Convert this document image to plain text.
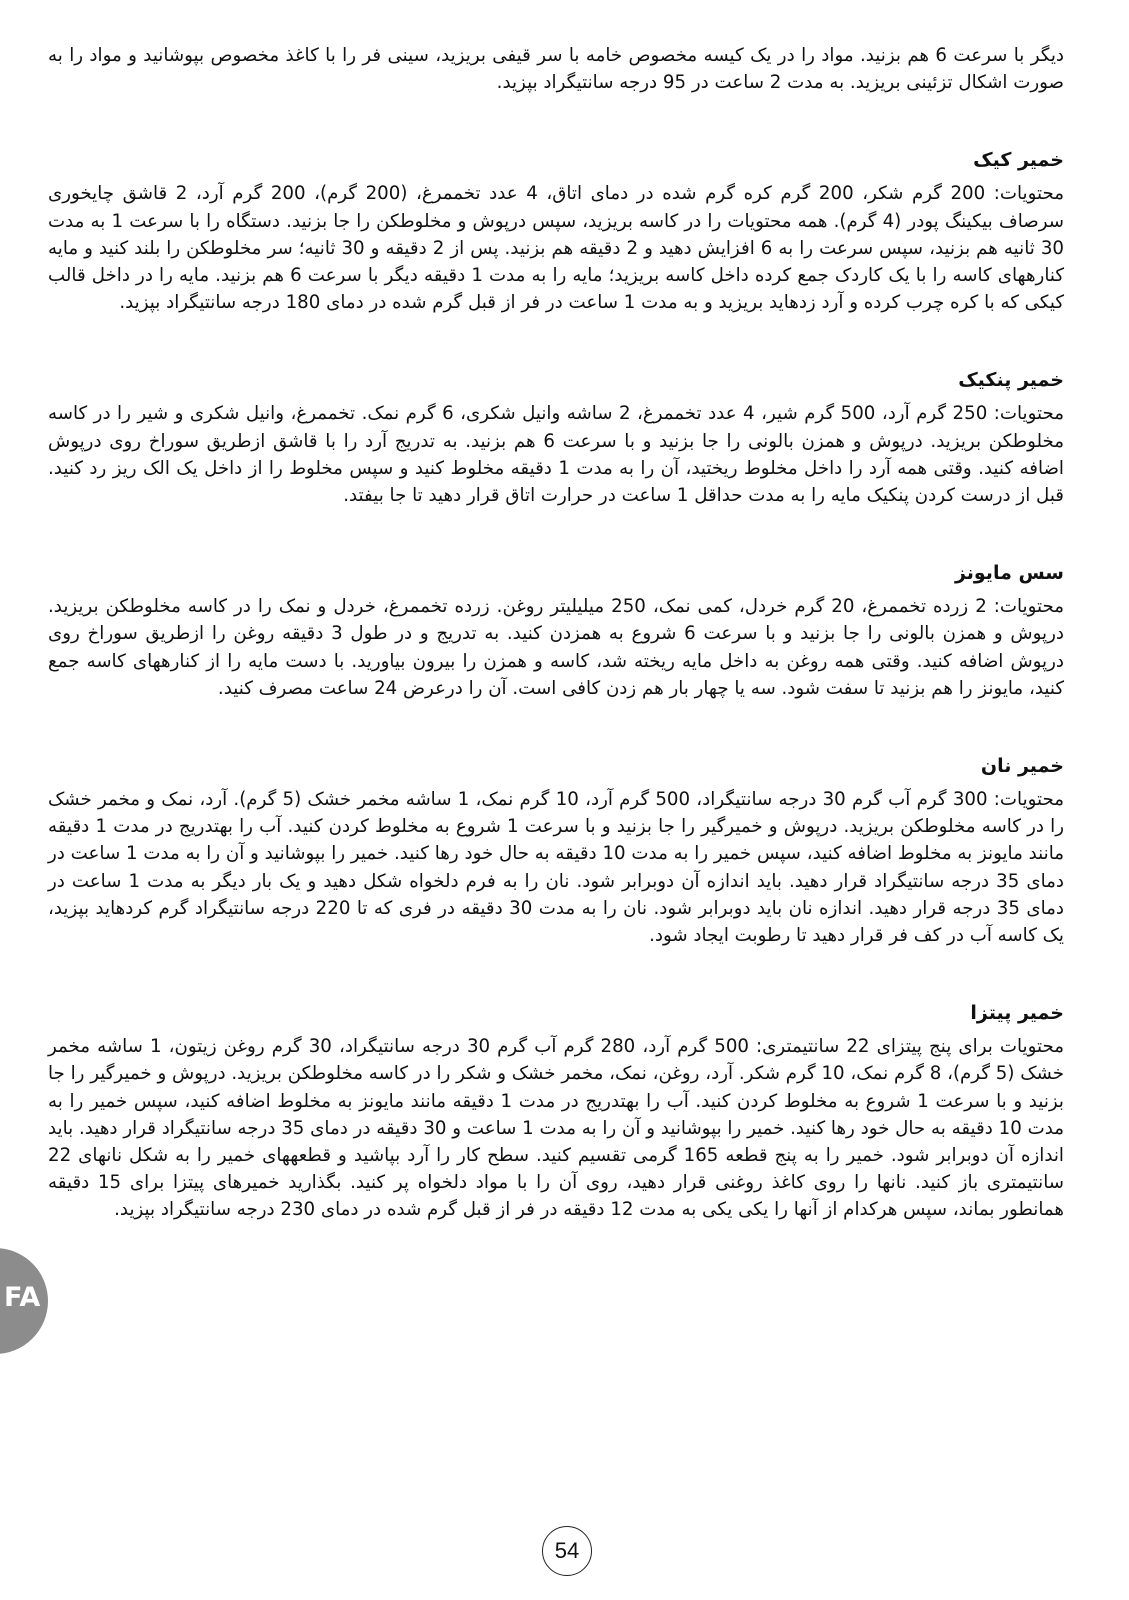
دیگر با سرعت 6 هم بزنید. مواد را در یک کیسه مخصوص خامه با سر قیفی بریزید، سینی فر را با کاغذ مخصوص بپوشانید و مواد را به صورت اشکال تزئینی بریزید. به مدت 2 ساعت در 95 درجه سانتیگراد بپزید.

خمیر کیک

محتویات: 200 گرم شکر، 200 گرم کره گرم شده در دمای اتاق، 4 عدد تخممرغ، (200 گرم)، 200 گرم آرد، 2 قاشق چایخوری سرصاف بیکینگ پودر (4 گرم). همه محتویات را در کاسه بریزید، سپس درپوش و مخلوطکن را جا بزنید. دستگاه را با سرعت 1 به مدت 30 ثانیه هم بزنید، سپس سرعت را به 6 افزایش دهید و 2 دقیقه هم بزنید. پس از 2 دقیقه و 30 ثانیه؛ سر مخلوطکن را بلند کنید و مایه کنارههای کاسه را با یک کاردک جمع کرده داخل کاسه بریزید؛ مایه را به مدت 1 دقیقه دیگر با سرعت 6 هم بزنید. مایه را در داخل قالب کیکی که با کره چرب کرده و آرد زدهاید بریزید و به مدت 1 ساعت در فر از قبل گرم شده در دمای 180 درجه سانتیگراد بپزید.

خمیر پنکیک

محتویات: 250 گرم آرد، 500 گرم شیر، 4 عدد تخممرغ، 2 ساشه وانیل شکری، 6 گرم نمک. تخممرغ، وانیل شکری و شیر را در کاسه مخلوطکن بریزید. درپوش و همزن بالونی را جا بزنید و با سرعت 6 هم بزنید. به تدریج آرد را با قاشق ازطریق سوراخ روی درپوش اضافه کنید. وقتی همه آرد را داخل مخلوط ریختید، آن را به مدت 1 دقیقه مخلوط کنید و سپس مخلوط را از داخل یک الک ریز رد کنید. قبل از درست کردن پنکیک مایه را به مدت حداقل 1 ساعت در حرارت اتاق قرار دهید تا جا بیفتد.

سس مایونز

محتویات: 2 زرده تخممرغ، 20 گرم خردل، کمی نمک، 250 میلیلیتر روغن. زرده تخممرغ، خردل و نمک را در کاسه مخلوطکن بریزید. درپوش و همزن بالونی را جا بزنید و با سرعت 6 شروع به همزدن کنید. به تدریج و در طول 3 دقیقه روغن را ازطریق سوراخ روی درپوش اضافه کنید. وقتی همه روغن به داخل مایه ریخته شد، کاسه و همزن را بیرون بیاورید. با دست مایه را از کنارههای کاسه جمع کنید، مایونز را هم بزنید تا سفت شود. سه یا چهار بار هم زدن کافی است. آن را درعرض 24 ساعت مصرف کنید.

خمیر نان

محتویات: 300 گرم آب گرم 30 درجه سانتیگراد، 500 گرم آرد، 10 گرم نمک، 1 ساشه مخمر خشک (5 گرم). آرد، نمک و مخمر خشک را در کاسه مخلوطکن بریزید. درپوش و خمیرگیر را جا بزنید و با سرعت 1 شروع به مخلوط کردن کنید. آب را بهتدریج در مدت 1 دقیقه مانند مایونز به مخلوط اضافه کنید، سپس خمیر را به مدت 10 دقیقه به حال خود رها کنید. خمیر را بپوشانید و آن را به مدت 1 ساعت در دمای 35 درجه سانتیگراد قرار دهید. باید اندازه آن دوبرابر شود. نان را به فرم دلخواه شکل دهید و یک بار دیگر به مدت 1 ساعت در دمای 35 درجه قرار دهید. اندازه نان باید دوبرابر شود. نان را به مدت 30 دقیقه در فری که تا 220 درجه سانتیگراد گرم کردهاید بپزید، یک کاسه آب در کف فر قرار دهید تا رطوبت ایجاد شود.

خمیر پیتزا

محتویات برای پنج پیتزای 22 سانتیمتری: 500 گرم آرد، 280 گرم آب گرم 30 درجه سانتیگراد، 30 گرم روغن زیتون، 1 ساشه مخمر خشک (5 گرم)، 8 گرم نمک، 10 گرم شکر. آرد، روغن، نمک، مخمر خشک و شکر را در کاسه مخلوطکن بریزید. درپوش و خمیرگیر را جا بزنید و با سرعت 1 شروع به مخلوط کردن کنید. آب را بهتدریج در مدت 1 دقیقه مانند مایونز به مخلوط اضافه کنید، سپس خمیر را به مدت 10 دقیقه به حال خود رها کنید. خمیر را بپوشانید و آن را به مدت 1 ساعت و 30 دقیقه در دمای 35 درجه سانتیگراد قرار دهید. باید اندازه آن دوبرابر شود. خمیر را به پنج قطعه 165 گرمی تقسیم کنید. سطح کار را آرد بپاشید و قطعههای خمیر را به شکل نانهای 22 سانتیمتری باز کنید. نانها را روی کاغذ روغنی قرار دهید، روی آن را با مواد دلخواه پر کنید. بگذارید خمیرهای پیتزا برای 15 دقیقه همانطور بماند، سپس هرکدام از آنها را یکی یکی به مدت 12 دقیقه در فر از قبل گرم شده در دمای 230 درجه سانتیگراد بپزید.

FA
54
